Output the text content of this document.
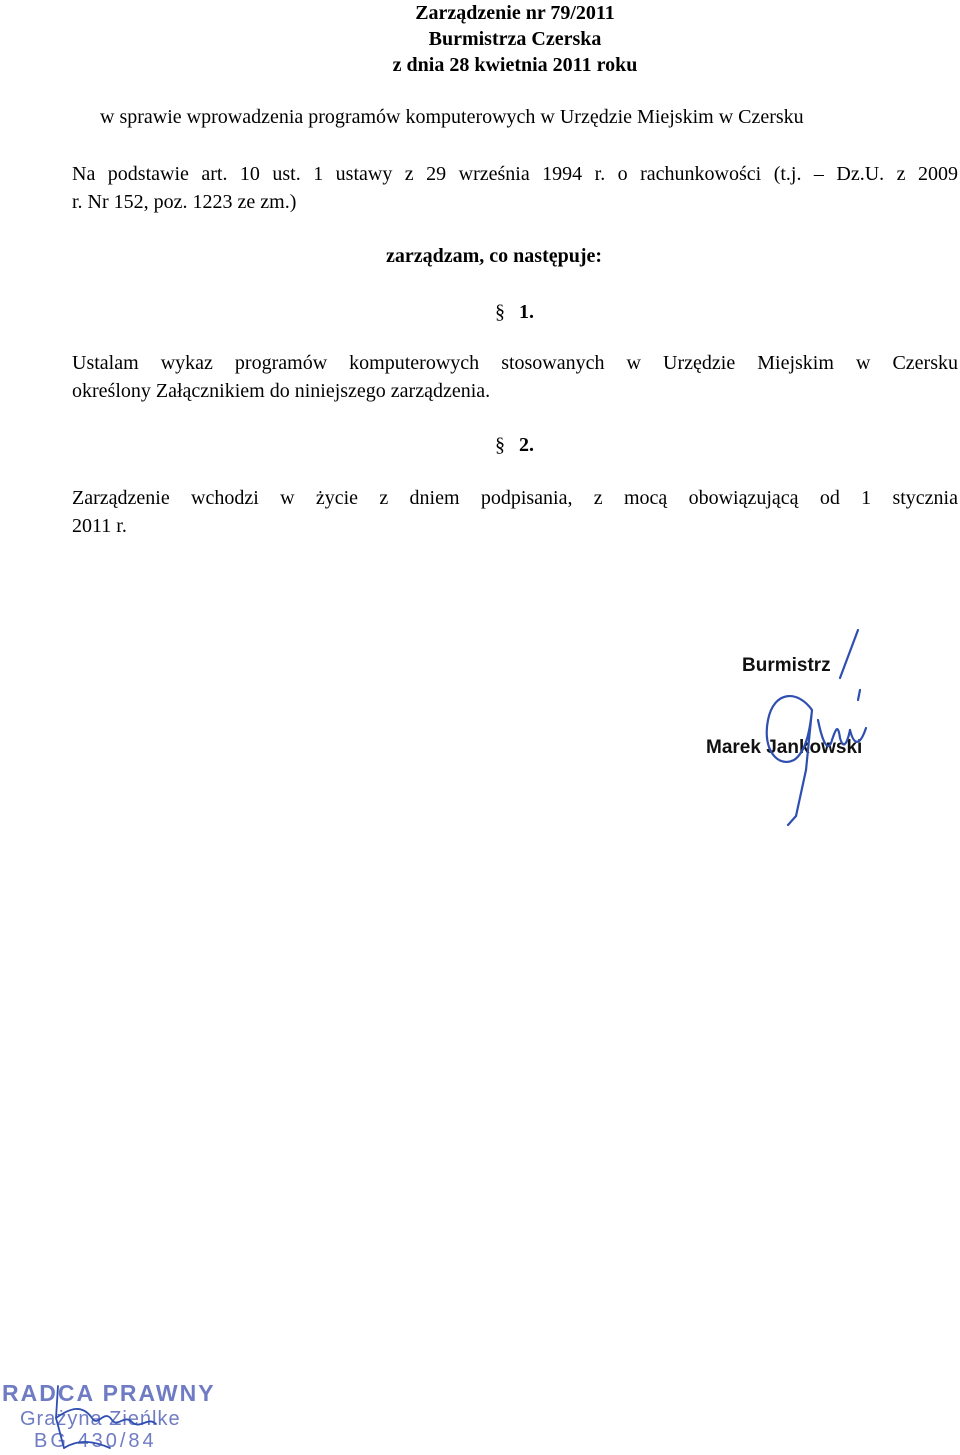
Zarządzenie nr 79/2011
Burmistrza Czerska
z dnia 28 kwietnia 2011 roku
w sprawie wprowadzenia programów komputerowych w Urzędzie Miejskim w Czersku
Na podstawie art. 10 ust. 1 ustawy z 29 września 1994 r. o rachunkowości (t.j. – Dz.U. z 2009
r. Nr 152, poz. 1223 ze zm.)
zarządzam, co następuje:
§ 1.
Ustalam wykaz programów komputerowych stosowanych w Urzędzie Miejskim w Czersku
określony Załącznikiem do niniejszego zarządzenia.
§ 2.
Zarządzenie wchodzi w życie z dniem podpisania, z mocą obowiązującą od 1 stycznia
2011 r.
Burmistrz
Marek Jankowski
RADCA PRAWNY
Grażyna Zieńlke
BG 430/84
